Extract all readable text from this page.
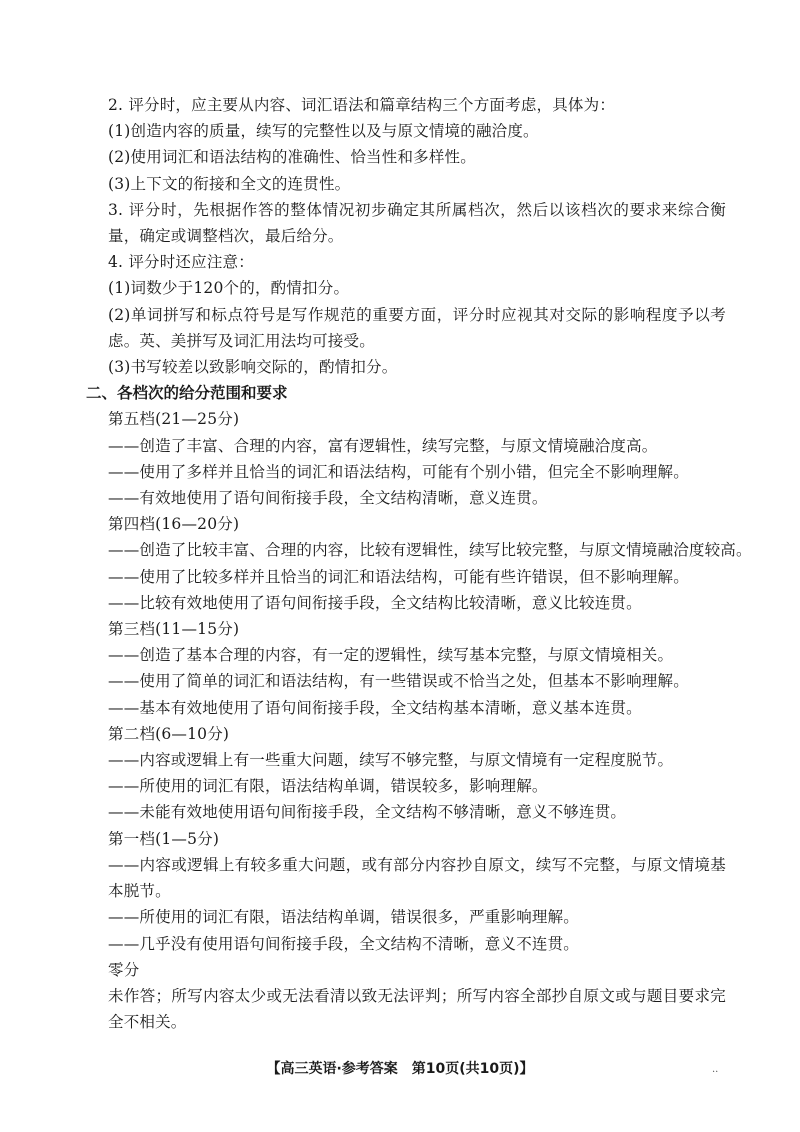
2. 评分时，应主要从内容、词汇语法和篇章结构三个方面考虑，具体为：
(1)创造内容的质量，续写的完整性以及与原文情境的融洽度。
(2)使用词汇和语法结构的准确性、恰当性和多样性。
(3)上下文的衔接和全文的连贯性。
3. 评分时，先根据作答的整体情况初步确定其所属档次，然后以该档次的要求来综合衡量，确定或调整档次，最后给分。
4. 评分时还应注意：
(1)词数少于120个的，酌情扣分。
(2)单词拼写和标点符号是写作规范的重要方面，评分时应视其对交际的影响程度予以考虑。英、美拼写及词汇用法均可接受。
(3)书写较差以致影响交际的，酌情扣分。
二、各档次的给分范围和要求
第五档(21—25分)
——创造了丰富、合理的内容，富有逻辑性，续写完整，与原文情境融洽度高。
——使用了多样并且恰当的词汇和语法结构，可能有个别小错，但完全不影响理解。
——有效地使用了语句间衔接手段，全文结构清晰，意义连贯。
第四档(16—20分)
——创造了比较丰富、合理的内容，比较有逻辑性，续写比较完整，与原文情境融洽度较高。
——使用了比较多样并且恰当的词汇和语法结构，可能有些许错误，但不影响理解。
——比较有效地使用了语句间衔接手段，全文结构比较清晰，意义比较连贯。
第三档(11—15分)
——创造了基本合理的内容，有一定的逻辑性，续写基本完整，与原文情境相关。
——使用了简单的词汇和语法结构，有一些错误或不恰当之处，但基本不影响理解。
——基本有效地使用了语句间衔接手段，全文结构基本清晰，意义基本连贯。
第二档(6—10分)
——内容或逻辑上有一些重大问题，续写不够完整，与原文情境有一定程度脱节。
——所使用的词汇有限，语法结构单调，错误较多，影响理解。
——未能有效地使用语句间衔接手段，全文结构不够清晰，意义不够连贯。
第一档(1—5分)
——内容或逻辑上有较多重大问题，或有部分内容抄自原文，续写不完整，与原文情境基本脱节。
——所使用的词汇有限，语法结构单调，错误很多，严重影响理解。
——几乎没有使用语句间衔接手段，全文结构不清晰，意义不连贯。
零分
未作答；所写内容太少或无法看清以致无法评判；所写内容全部抄自原文或与题目要求完全不相关。
【高三英语·参考答案　第10页(共10页)】	..
